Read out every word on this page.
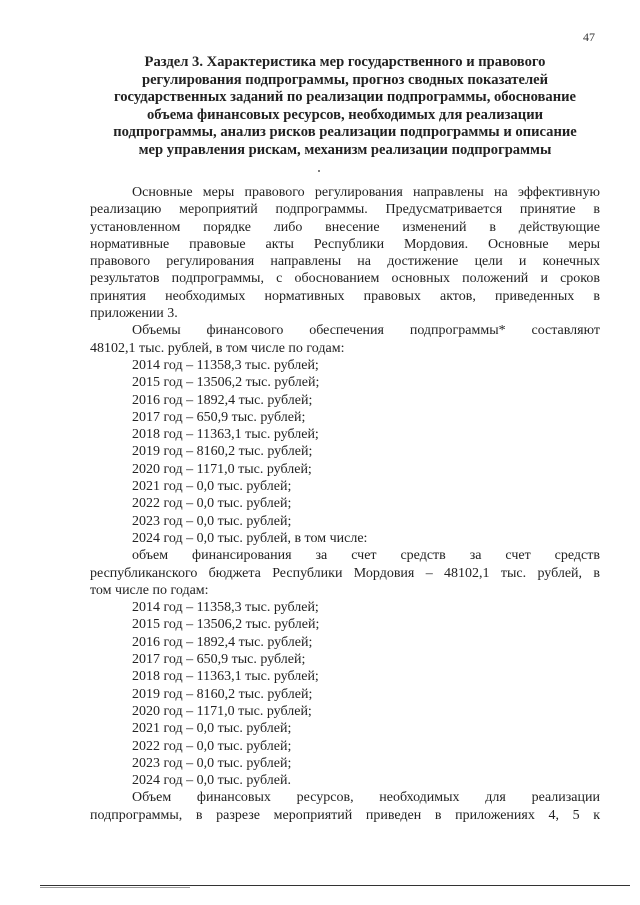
47
Раздел 3. Характеристика мер государственного и правового
регулирования подпрограммы, прогноз сводных показателей
государственных заданий по реализации подпрограммы, обоснование
объема финансовых ресурсов, необходимых для реализации
подпрограммы, анализ рисков реализации подпрограммы и описание
мер управления рискам, механизм реализации подпрограммы
Основные меры правового регулирования направлены на эффективную
реализацию мероприятий подпрограммы. Предусматривается принятие в
установленном порядке либо внесение изменений в действующие
нормативные правовые акты Республики Мордовия. Основные меры
правового регулирования направлены на достижение цели и конечных
результатов подпрограммы, с обоснованием основных положений и сроков
принятия необходимых нормативных правовых актов, приведенных в
приложении 3.
Объемы финансового обеспечения подпрограммы* составляют
48102,1 тыс. рублей, в том числе по годам:
2014 год – 11358,3 тыс. рублей;
2015 год – 13506,2 тыс. рублей;
2016 год – 1892,4 тыс. рублей;
2017 год – 650,9 тыс. рублей;
2018 год – 11363,1 тыс. рублей;
2019 год – 8160,2 тыс. рублей;
2020 год – 1171,0 тыс. рублей;
2021 год – 0,0 тыс. рублей;
2022 год – 0,0 тыс. рублей;
2023 год – 0,0 тыс. рублей;
2024 год – 0,0 тыс. рублей, в том числе:
объем финансирования за счет средств за счет средств
республиканского бюджета Республики Мордовия – 48102,1 тыс. рублей, в
том числе по годам:
2014 год – 11358,3 тыс. рублей;
2015 год – 13506,2 тыс. рублей;
2016 год – 1892,4 тыс. рублей;
2017 год – 650,9 тыс. рублей;
2018 год – 11363,1 тыс. рублей;
2019 год – 8160,2 тыс. рублей;
2020 год – 1171,0 тыс. рублей;
2021 год – 0,0 тыс. рублей;
2022 год – 0,0 тыс. рублей;
2023 год – 0,0 тыс. рублей;
2024 год – 0,0 тыс. рублей.
Объем финансовых ресурсов, необходимых для реализации
подпрограммы, в разрезе мероприятий приведен в приложениях 4, 5 к
